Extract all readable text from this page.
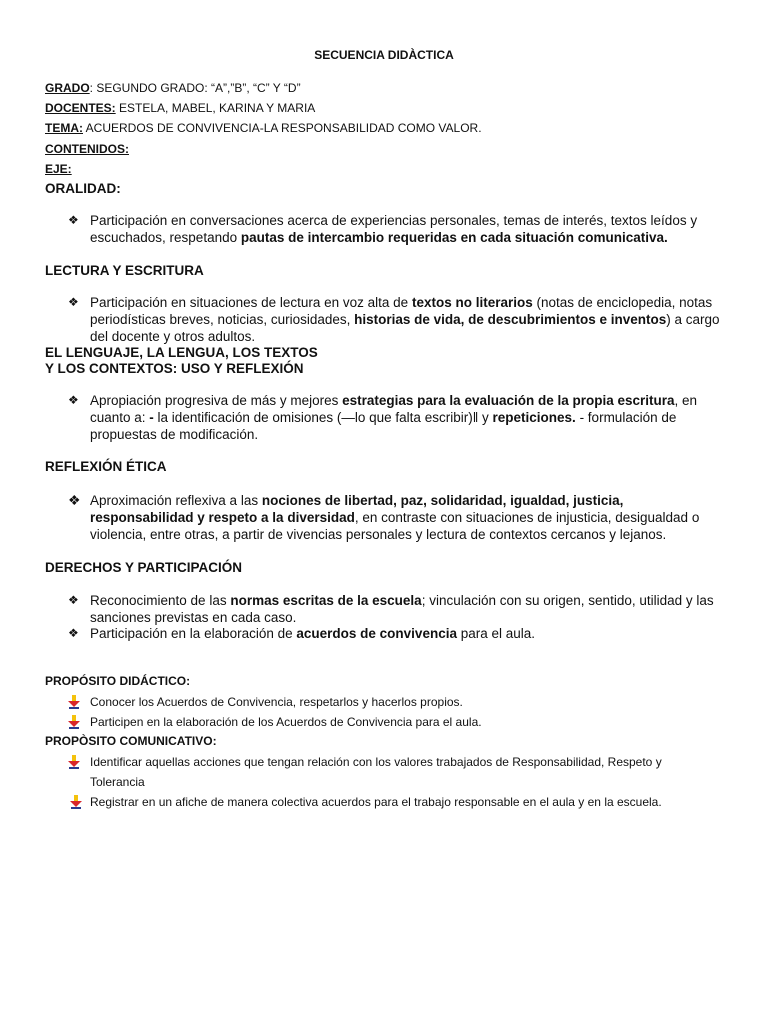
SECUENCIA DIDÀCTICA
GRADO: SEGUNDO GRADO: “A”,”B”, “C” Y “D”
DOCENTES: ESTELA, MABEL, KARINA Y MARIA
TEMA: ACUERDOS DE CONVIVENCIA-LA RESPONSABILIDAD COMO VALOR.
CONTENIDOS:
EJE:
ORALIDAD:
❖ Participación en conversaciones acerca de experiencias personales, temas de interés, textos leídos y escuchados, respetando pautas de intercambio requeridas en cada situación comunicativa.
LECTURA Y ESCRITURA
❖ Participación en situaciones de lectura en voz alta de textos no literarios (notas de enciclopedia, notas periodísticas breves, noticias, curiosidades, historias de vida, de descubrimientos e inventos) a cargo del docente y otros adultos.
EL LENGUAJE, LA LENGUA, LOS TEXTOS
Y LOS CONTEXTOS: USO Y REFLEXIÓN
❖ Apropiación progresiva de más y mejores estrategias para la evaluación de la propia escritura, en cuanto a: - la identificación de omisiones (―lo que falta escribir)‖ y repeticiones. - formulación de propuestas de modificación.
REFLEXIÓN ÉTICA
❖ Aproximación reflexiva a las nociones de libertad, paz, solidaridad, igualdad, justicia, responsabilidad y respeto a la diversidad, en contraste con situaciones de injusticia, desigualdad o violencia, entre otras, a partir de vivencias personales y lectura de contextos cercanos y lejanos.
DERECHOS Y PARTICIPACIÓN
❖ Reconocimiento de las normas escritas de la escuela; vinculación con su origen, sentido, utilidad y las sanciones previstas en cada caso.
❖ Participación en la elaboración de acuerdos de convivencia para el aula.
PROPÓSITO DIDÁCTICO:
Conocer los Acuerdos de Convivencia, respetarlos y hacerlos propios.
Participen en la elaboración de los Acuerdos de Convivencia para el aula.
PROPÒSITO COMUNICATIVO:
Identificar aquellas acciones que tengan relación con los valores trabajados de Responsabilidad, Respeto y Tolerancia
Registrar en un afiche de manera colectiva acuerdos para el trabajo responsable en el aula y en la escuela.
